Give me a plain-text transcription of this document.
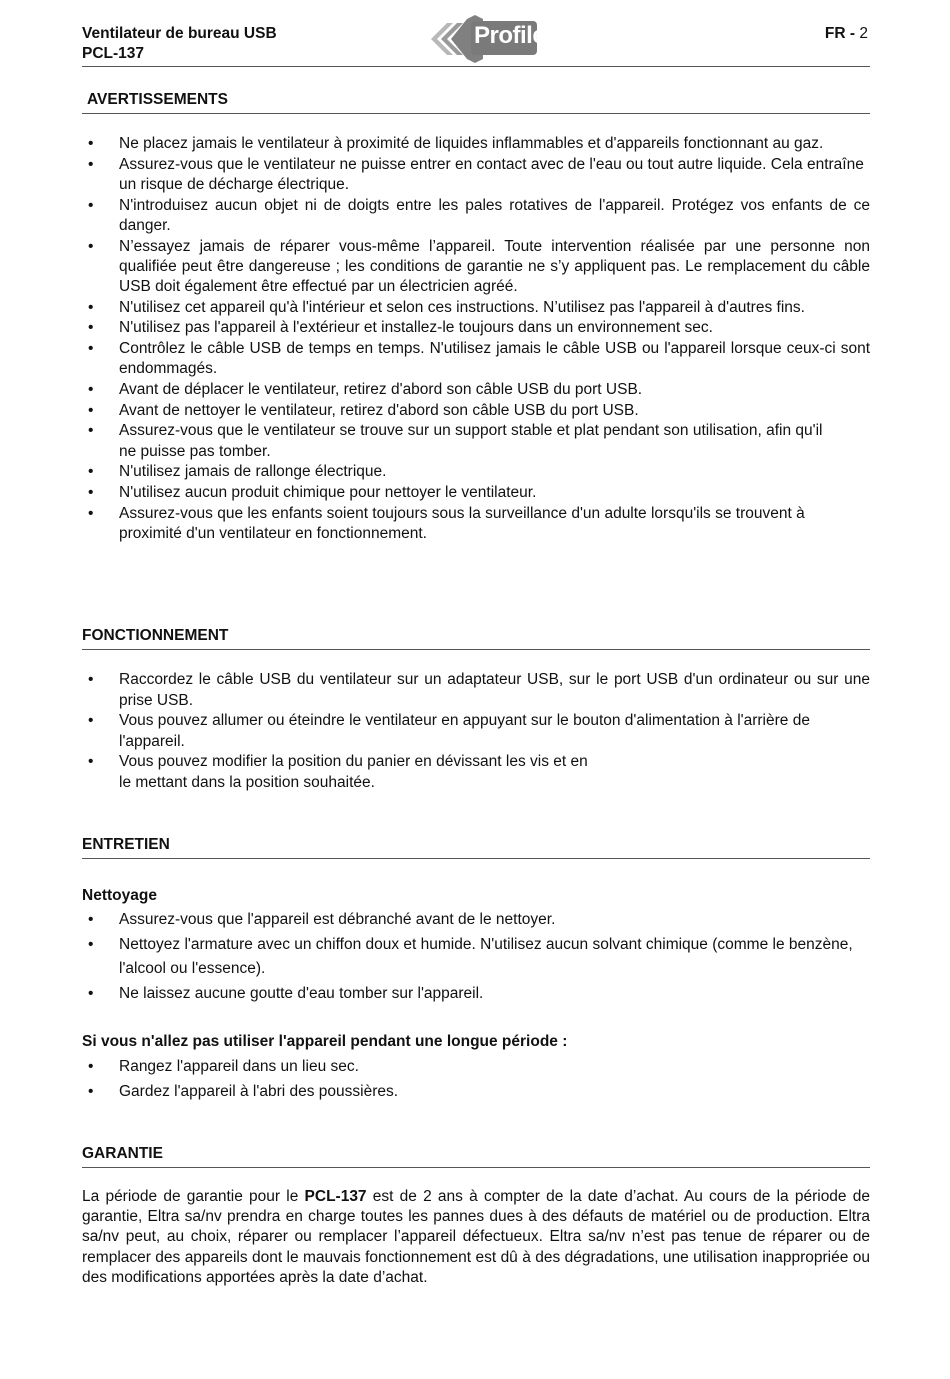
Ventilateur de bureau USB
PCL-137
Profile	FR - 2
AVERTISSEMENTS
• Ne placez jamais le ventilateur à proximité de liquides inflammables et d'appareils fonctionnant au gaz.
• Assurez-vous que le ventilateur ne puisse entrer en contact avec de l'eau ou tout autre liquide. Cela entraîne un risque de décharge électrique.
• N'introduisez aucun objet ni de doigts entre les pales rotatives de l'appareil. Protégez vos enfants de ce danger.
• N’essayez jamais de réparer vous-même l’appareil. Toute intervention réalisée par une personne non qualifiée peut être dangereuse ; les conditions de garantie ne s’y appliquent pas. Le remplacement du câble USB doit également être effectué par un électricien agréé.
• N'utilisez cet appareil qu'à l'intérieur et selon ces instructions. N’utilisez pas l'appareil à d'autres fins.
• N'utilisez pas l'appareil à l'extérieur et installez-le toujours dans un environnement sec.
• Contrôlez le câble USB de temps en temps. N'utilisez jamais le câble USB ou l'appareil lorsque ceux-ci sont endommagés.
• Avant de déplacer le ventilateur, retirez d'abord son câble USB du port USB.
• Avant de nettoyer le ventilateur, retirez d'abord son câble USB du port USB.
• Assurez-vous que le ventilateur se trouve sur un support stable et plat pendant son utilisation, afin qu'il ne puisse pas tomber.
• N'utilisez jamais de rallonge électrique.
• N'utilisez aucun produit chimique pour nettoyer le ventilateur.
• Assurez-vous que les enfants soient toujours sous la surveillance d'un adulte lorsqu'ils se trouvent à proximité d'un ventilateur en fonctionnement.
FONCTIONNEMENT
• Raccordez le câble USB du ventilateur sur un adaptateur USB, sur le port USB d'un ordinateur ou sur une prise USB.
• Vous pouvez allumer ou éteindre le ventilateur en appuyant sur le bouton d'alimentation à l'arrière de l'appareil.
• Vous pouvez modifier la position du panier en dévissant les vis et en le mettant dans la position souhaitée.
ENTRETIEN
Nettoyage
• Assurez-vous que l'appareil est débranché avant de le nettoyer.
• Nettoyez l'armature avec un chiffon doux et humide. N'utilisez aucun solvant chimique (comme le benzène, l'alcool ou l'essence).
• Ne laissez aucune goutte d'eau tomber sur l'appareil.
Si vous n'allez pas utiliser l'appareil pendant une longue période :
• Rangez l'appareil dans un lieu sec.
• Gardez l'appareil à l'abri des poussières.
GARANTIE
La période de garantie pour le PCL-137 est de 2 ans à compter de la date d’achat. Au cours de la période de garantie, Eltra sa/nv prendra en charge toutes les pannes dues à des défauts de matériel ou de production. Eltra sa/nv peut, au choix, réparer ou remplacer l’appareil défectueux. Eltra sa/nv n’est pas tenue de réparer ou de remplacer des appareils dont le mauvais fonctionnement est dû à des dégradations, une utilisation inappropriée ou des modifications apportées après la date d’achat.
